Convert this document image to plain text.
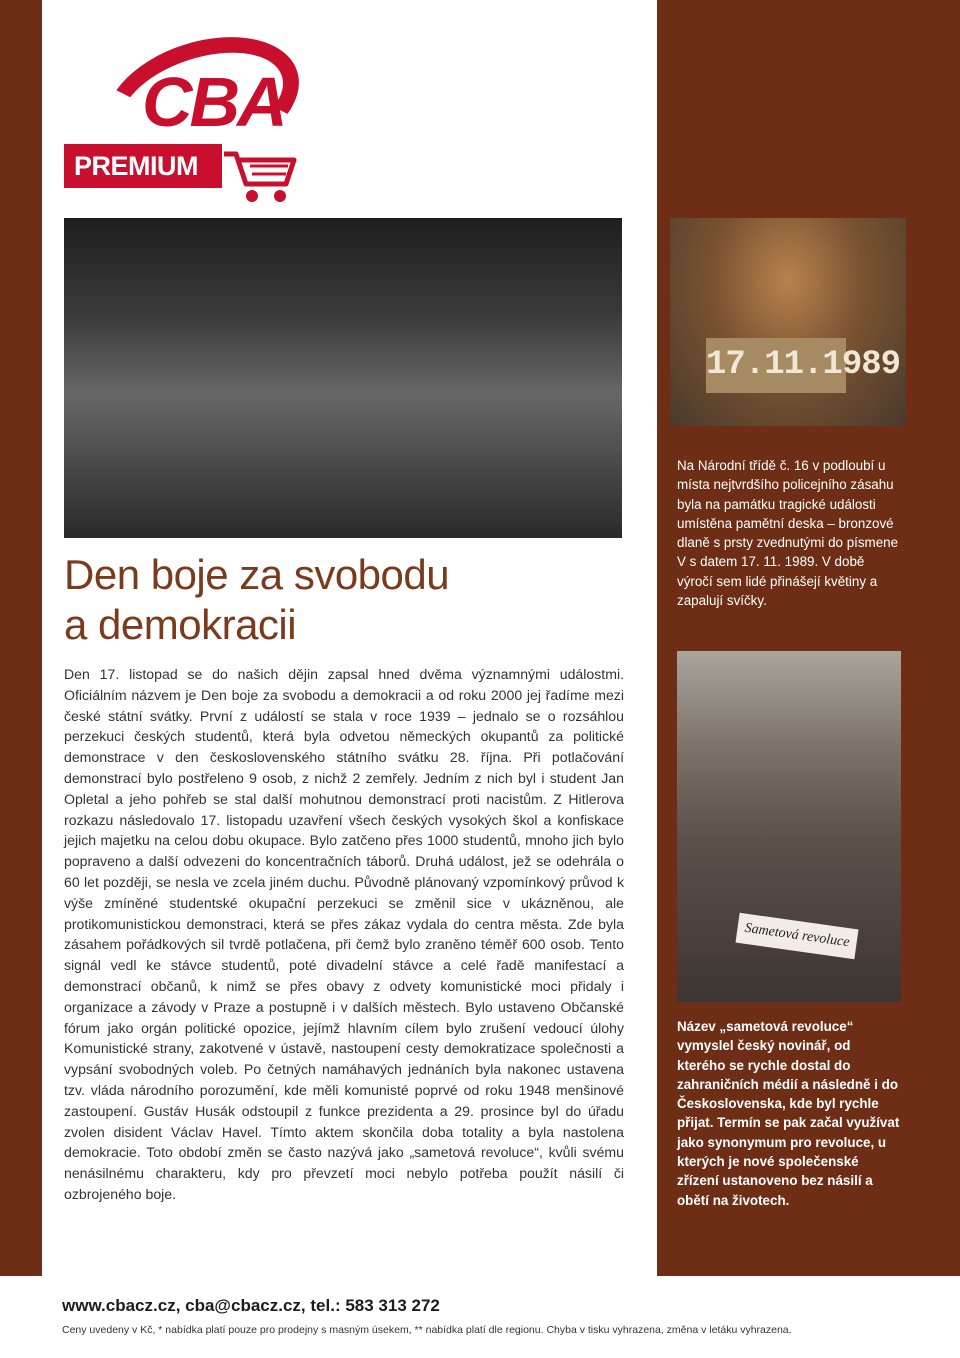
CBA
PREMIUM
17.11.1989
Na Národní třídě č. 16 v podloubí u místa nejtvrdšího policejního zásahu byla na památku tragické události umístěna pamětní deska – bronzové dlaně s prsty zvednutými do písmene V s datem 17. 11. 1989. V době výročí sem lidé přinášejí květiny a zapalují svíčky.
Den boje za svobodu
a demokracii
Sametová revoluce
Název „sametová revoluce“ vymyslel český novinář, od kterého se rychle dostal do zahraničních médií a následně i do Československa, kde byl rychle přijat. Termín se pak začal využívat jako synonymum pro revoluce, u kterých je nové společenské zřízení ustanoveno bez násilí a obětí na životech.

Den 17. listopad se do našich dějin zapsal hned dvěma významnými událostmi. Oficiálním názvem je Den boje za svobodu a demokracii a od roku 2000 jej řadíme mezi české státní svátky. První z událostí se stala v roce 1939 – jednalo se o rozsáhlou perzekuci českých studentů, která byla odvetou německých okupantů za politické demonstrace v den československého státního svátku 28. října. Při potlačování demonstrací bylo postřeleno 9 osob, z nichž 2 zemřely. Jedním z nich byl i student Jan Opletal a jeho pohřeb se stal další mohutnou demonstrací proti nacistům. Z Hitlerova rozkazu následovalo 17. listopadu uzavření všech českých vysokých škol a konfiskace jejich majetku na celou dobu okupace. Bylo zatčeno přes 1000 studentů, mnoho jich bylo popraveno a další odvezeni do koncentračních táborů. Druhá událost, jež se odehrála o 60 let později, se nesla ve zcela jiném duchu. Původně plánovaný vzpomínkový průvod k výše zmíněné studentské okupační perzekuci se změnil sice v ukázněnou, ale protikomunistickou demonstraci, která se přes zákaz vydala do centra města. Zde byla zásahem pořádkových sil tvrdě potlačena, při čemž bylo zraněno téměř 600 osob. Tento signál vedl ke stávce studentů, poté divadelní stávce a celé řadě manifestací a demonstrací občanů, k nimž se přes obavy z odvety komunistické moci přidaly i organizace a závody v Praze a postupně i v dalších městech. Bylo ustaveno Občanské fórum jako orgán politické opozice, jejímž hlavním cílem bylo zrušení vedoucí úlohy Komunistické strany, zakotvené v ústavě, nastoupení cesty demokratizace společnosti a vypsání svobodných voleb. Po četných namáhavých jednáních byla nakonec ustavena tzv. vláda národního porozumění, kde měli komunisté poprvé od roku 1948 menšinové zastoupení. Gustáv Husák odstoupil z funkce prezidenta a 29. prosince byl do úřadu zvolen disident Václav Havel. Tímto aktem skončila doba totality a byla nastolena demokracie. Toto období změn se často nazývá jako „sametová revoluce“, kvůli svému nenásilnému charakteru, kdy pro převzetí moci nebylo potřeba použít násilí či ozbrojeného boje.

www.cbacz.cz, cba@cbacz.cz, tel.: 583 313 272
Ceny uvedeny v Kč, * nabídka platí pouze pro prodejny s masným úsekem, ** nabídka platí dle regionu. Chyba v tisku vyhrazena, změna v letáku vyhrazena.
